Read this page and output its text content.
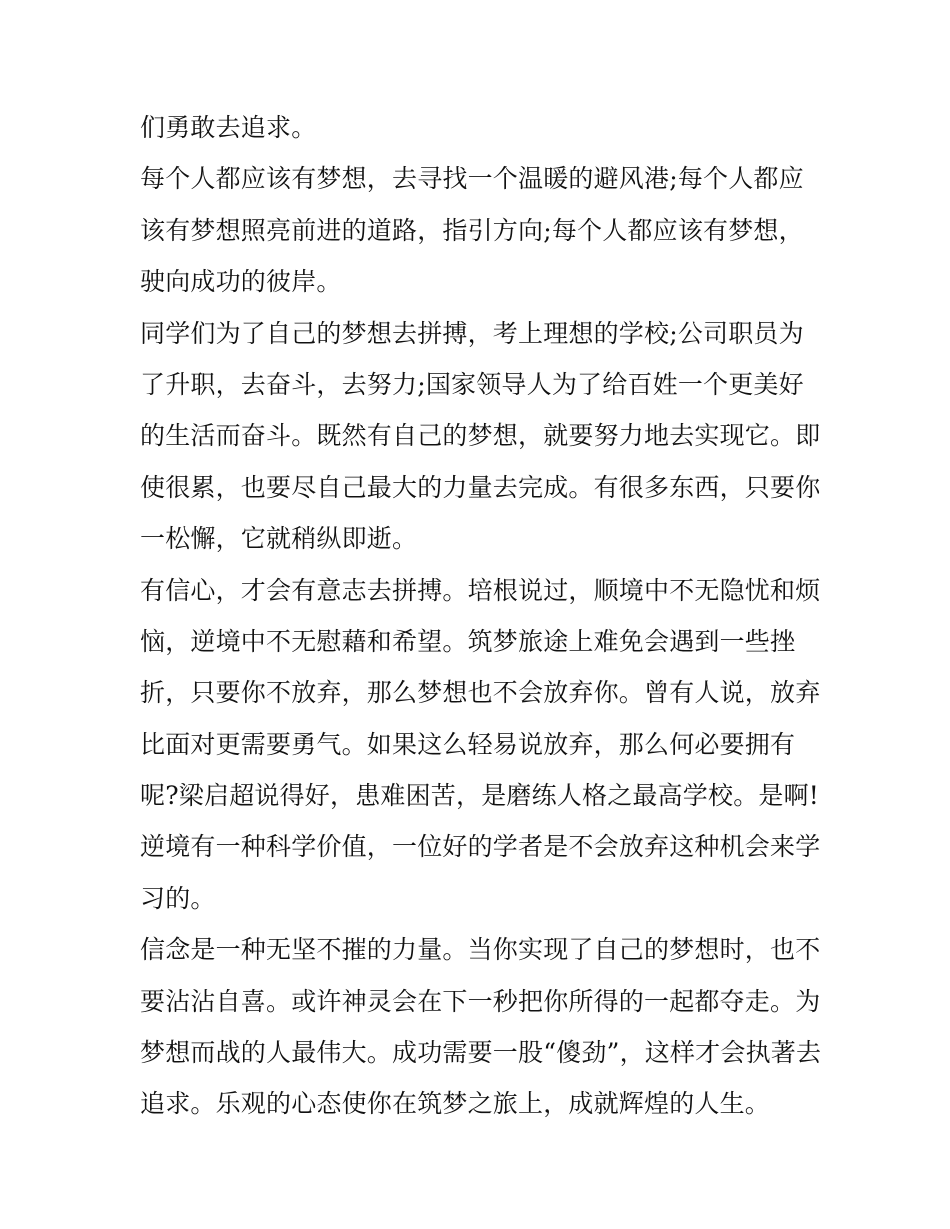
们勇敢去追求。
每个人都应该有梦想，去寻找一个温暖的避风港;每个人都应
该有梦想照亮前进的道路，指引方向;每个人都应该有梦想，
驶向成功的彼岸。
同学们为了自己的梦想去拼搏，考上理想的学校;公司职员为
了升职，去奋斗，去努力;国家领导人为了给百姓一个更美好
的生活而奋斗。既然有自己的梦想，就要努力地去实现它。即
使很累，也要尽自己最大的力量去完成。有很多东西，只要你
一松懈，它就稍纵即逝。
有信心，才会有意志去拼搏。培根说过，顺境中不无隐忧和烦
恼，逆境中不无慰藉和希望。筑梦旅途上难免会遇到一些挫
折，只要你不放弃，那么梦想也不会放弃你。曾有人说，放弃
比面对更需要勇气。如果这么轻易说放弃，那么何必要拥有
呢?梁启超说得好，患难困苦，是磨练人格之最高学校。是啊!
逆境有一种科学价值，一位好的学者是不会放弃这种机会来学
习的。
信念是一种无坚不摧的力量。当你实现了自己的梦想时，也不
要沾沾自喜。或许神灵会在下一秒把你所得的一起都夺走。为
梦想而战的人最伟大。成功需要一股“傻劲”，这样才会执著去
追求。乐观的心态使你在筑梦之旅上，成就辉煌的人生。
